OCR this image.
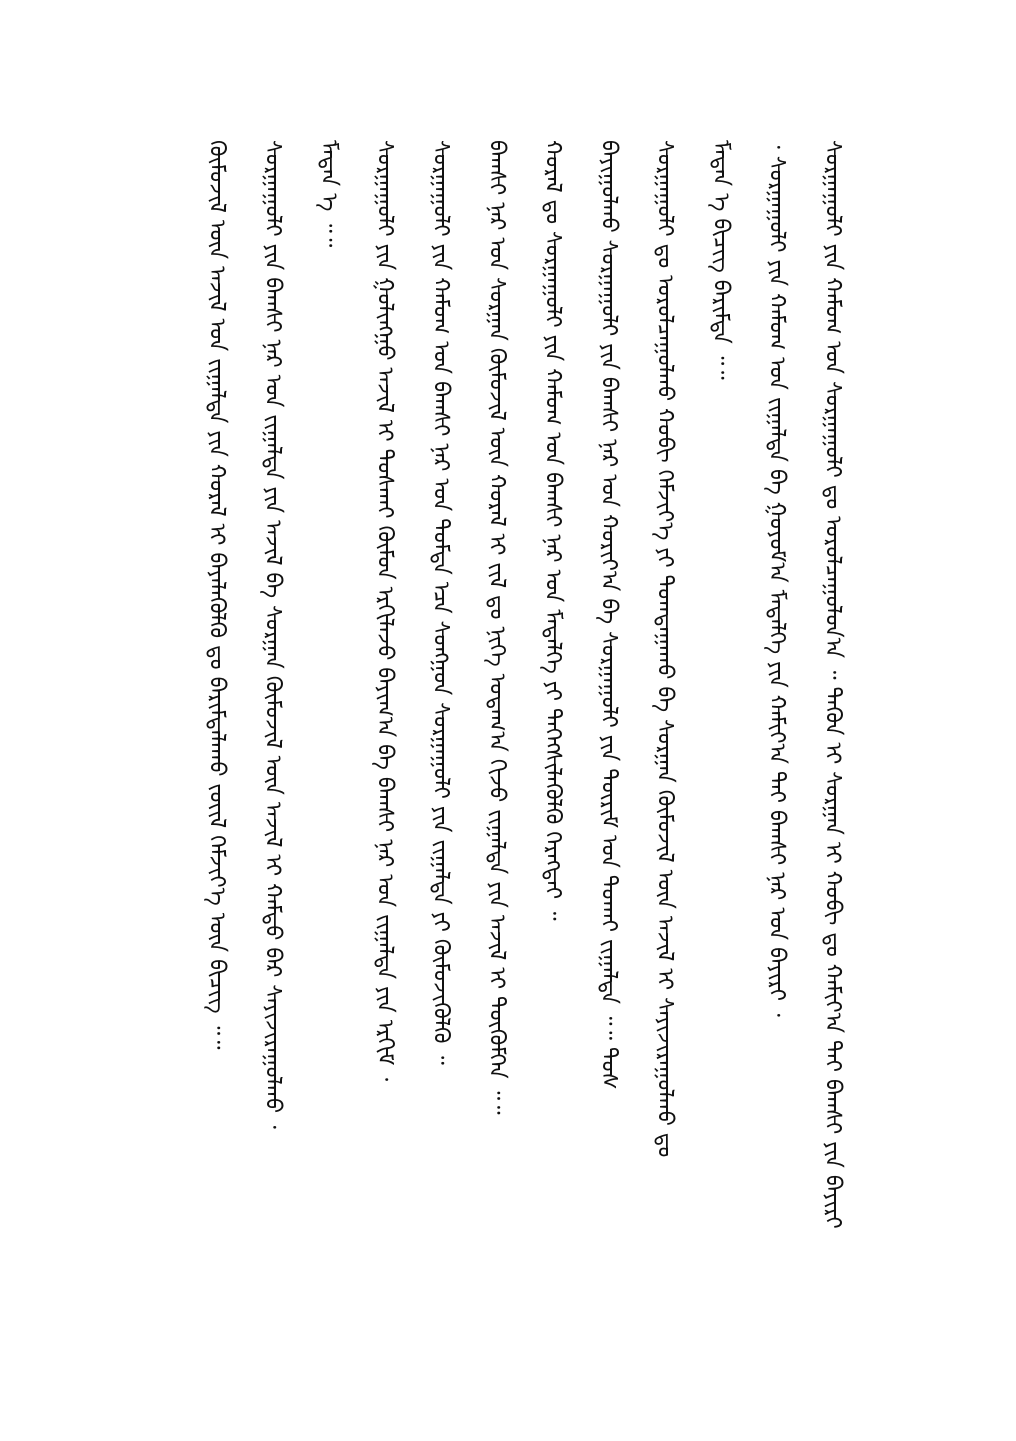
ᠰᠤᠷᠭᠠᠭᠤᠯᠢ ᠶᠢᠨ ᠬᠠᠮᠤᠭ ᠤᠨ ᠰᠤᠷᠭᠠᠭᠤᠯᠢ ᠳᠤ ᠤᠷᠤᠯᠴᠠᠭᠤᠯᠤᠨ᠎ᠠ ᠃ ᠲᠡᠭᠦᠨ ᠢ ᠰᠤᠷᠭᠠᠨ ᠢ ᠬᠤᠪᠢ ᠳᠤ ᠬᠠᠮᠢᠶ᠎ᠠ ᠲᠠᠢ ᠪᠠᠭᠰᠢ ᠶᠢᠨ ᠪᠠᠶᠢᠷᠢ
᠂ ᠰᠤᠷᠭᠠᠭᠤᠯᠢ ᠶᠢᠨ ᠬᠠᠮᠤᠭ ᠤᠨ ᠵᠢᠭᠠᠯᠲᠠ ᠪᠠ ᠭᠤᠶᠤᠮ᠎ᠠ ᠮᠡᠳᠡᠯᠭᠡ ᠶᠢᠨ ᠬᠠᠮᠢᠶ᠎ᠠ ᠲᠠᠢ ᠪᠠᠭᠰᠢ ᠨᠠᠷ ᠤᠨ ᠪᠠᠶᠢᠷᠢ ᠂
ᠮᠡᠳᠡᠨ ᠡ ᠪᠢᠴᠢᠭ ᠪᠠᠷᠢᠮᠲᠠ ᠃᠃
ᠰᠤᠷᠭᠠᠭᠤᠯᠢ ᠳᠤ ᠤᠷᠤᠯᠴᠠᠭᠤᠯᠬᠤ ᠬᠤᠪᠢ ᠬᠡᠮᠵᠢᠶ᠎ᠡ ᠶᠢ ᠲᠤᠭᠲᠠᠭᠠᠬᠤ ᠪᠠ ᠰᠤᠷᠭᠠᠨ ᠬᠦᠮᠦᠵᠢᠯ ᠦᠨ ᠠᠵᠢᠯ ᠢ ᠰᠠᠶᠢᠵᠢᠷᠠᠭᠤᠯᠬᠤ ᠳᠤ
ᠪᠠᠶᠢᠭᠤᠯᠬᠤ ᠰᠤᠷᠭᠠᠭᠤᠯᠢ ᠶᠢᠨ ᠪᠠᠭᠰᠢ ᠨᠠᠷ ᠤᠨ ᠬᠤᠷᠢᠶ᠎ᠠ ᠪᠠ ᠰᠤᠷᠭᠠᠭᠤᠯᠢ ᠶᠢᠨ ᠳᠦᠷᠢᠮ ᠤᠨ ᠲᠤᠬᠠᠢ ᠵᠢᠭᠠᠯᠲᠠ ᠃᠃ ᠲᠤᠰ
ᠬᠤᠷᠠᠯ ᠳᠤ ᠰᠤᠷᠭᠠᠭᠤᠯᠢ ᠶᠢᠨ ᠬᠠᠮᠤᠭ ᠤᠨ ᠪᠠᠭᠰᠢ ᠨᠠᠷ ᠤᠨ ᠮᠡᠳᠡᠯᠭᠡ ᠶᠢ ᠳᠡᠭᠡᠭᠰᠢᠯᠡᠭᠦᠯᠬᠦ ᠬᠡᠷᠡᠭᠲᠡᠢ ᠃
ᠪᠠᠭᠰᠢ ᠨᠠᠷ ᠤᠨ ᠰᠤᠷᠭᠠᠨ ᠬᠦᠮᠦᠵᠢᠯ ᠦᠨ ᠬᠤᠷᠠᠯ ᠢ ᠵᠢᠯ ᠳᠤ ᠨᠢᠭᠡ ᠤᠳᠠᠭ᠎ᠠ ᠬᠢᠵᠦ ᠵᠢᠭᠠᠯᠲᠠ ᠶᠢᠨ ᠠᠵᠢᠯ ᠢ ᠳᠦᠭᠦᠮᠬᠡᠨ ᠃᠃
ᠰᠤᠷᠭᠠᠭᠤᠯᠢ ᠶᠢᠨ ᠬᠠᠮᠤᠭ ᠤᠨ ᠪᠠᠭᠰᠢ ᠨᠠᠷ ᠤᠨ ᠳᠤᠮᠳᠠ ᠡᠴᠡ ᠰᠣᠩᠭᠤᠨ ᠰᠤᠷᠭᠠᠭᠤᠯᠢ ᠶᠢᠨ ᠵᠢᠭᠠᠯᠲᠠ ᠶᠢ ᠬᠦᠮᠦᠵᠢᠭᠦᠯᠬᠦ ᠃
ᠰᠤᠷᠭᠠᠭᠤᠯᠢ ᠶᠢᠨ ᠭᠤᠯᠢᠩᠭᠤ ᠠᠵᠢᠯ ᠢ ᠲᠤᠰᠬᠠᠢ ᠬᠦᠮᠦᠨ ᠡᠷᠬᠢᠯᠡᠵᠦ ᠪᠠᠶᠢᠭ᠎ᠠ ᠪᠠ ᠪᠠᠭᠰᠢ ᠨᠠᠷ ᠤᠨ ᠵᠢᠭᠠᠯᠲᠠ ᠶᠢᠨ ᠡᠷᠬᠢᠮ ᠂
ᠮᠡᠳᠡᠨ ᠡ ᠃᠃
ᠰᠤᠷᠭᠠᠭᠤᠯᠢ ᠶᠢᠨ ᠪᠠᠭᠰᠢ ᠨᠠᠷ ᠤᠨ ᠵᠢᠭᠠᠯᠲᠠ ᠶᠢᠨ ᠠᠵᠢᠯ ᠪᠠ ᠰᠤᠷᠭᠠᠨ ᠬᠦᠮᠦᠵᠢᠯ ᠦᠨ ᠠᠵᠢᠯ ᠢ ᠬᠠᠮᠲᠤ ᠪᠡᠷ ᠰᠠᠶᠢᠵᠢᠷᠠᠭᠤᠯᠬᠤ ᠂
ᠬᠦᠮᠦᠵᠢᠯ ᠦᠨ ᠠᠵᠢᠯ ᠤᠨ ᠵᠢᠭᠠᠯᠲᠠ ᠶᠢᠨ ᠬᠤᠷᠠᠯ ᠢ ᠪᠡᠶᠡᠯᠡᠭᠦᠯᠬᠦ ᠳᠤ ᠪᠠᠷᠢᠮᠲᠠᠯᠠᠬᠤ ᠵᠦᠢᠯ ᠬᠡᠮᠵᠢᠶ᠎ᠡ ᠦᠨ ᠪᠢᠴᠢᠭ ᠃᠃
